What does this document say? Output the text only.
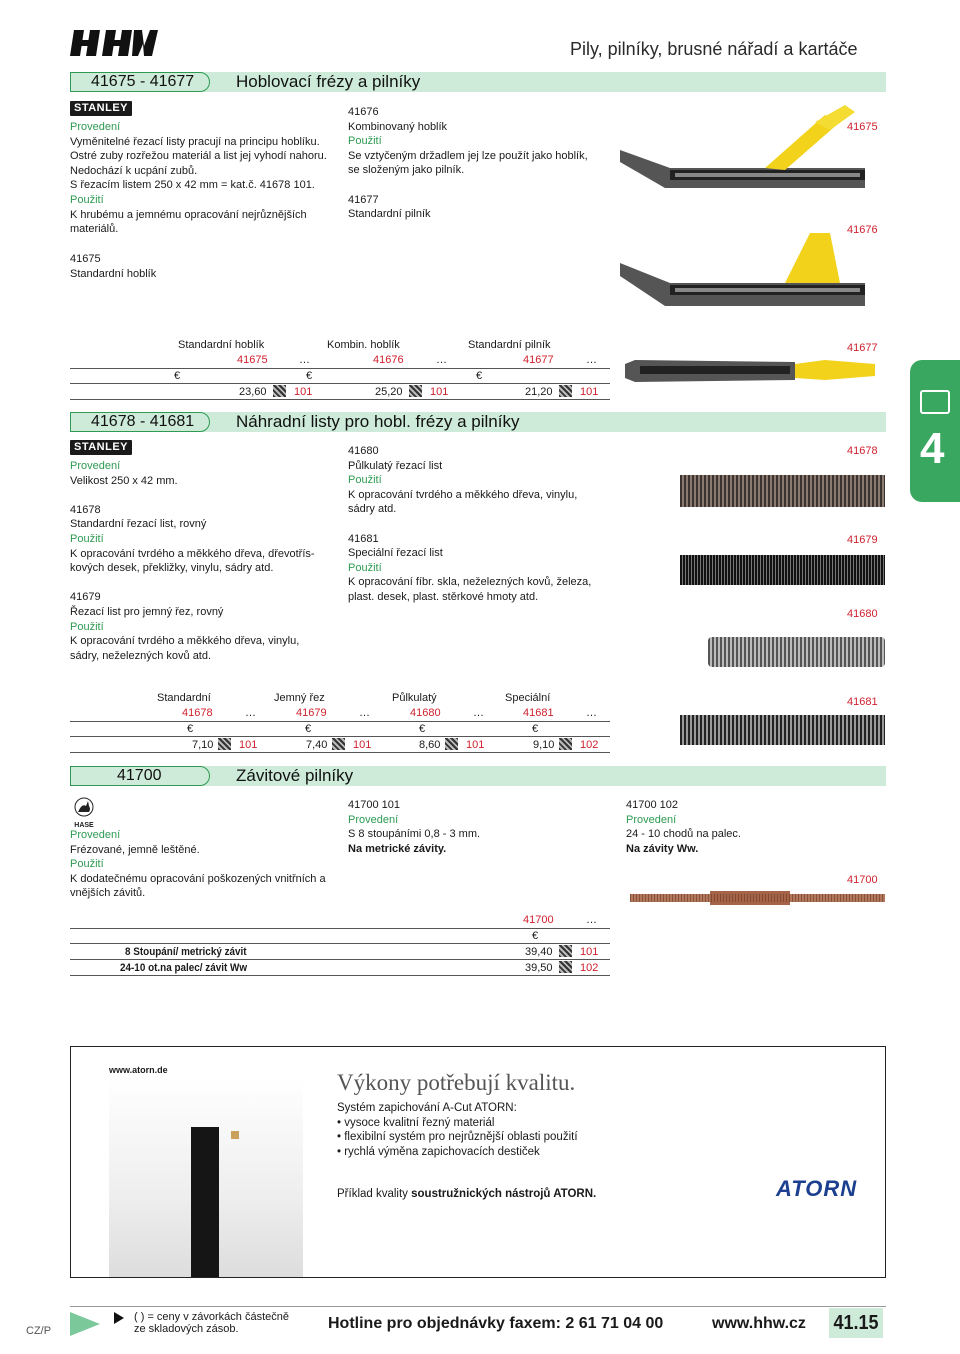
Pily, pilníky, brusné nářadí a kartáče
41675 - 41677	Hoblovací frézy a pilníky
STANLEY
Provedení
Vyměnitelné řezací listy pracují na principu hoblíku.
Ostré zuby rozřežou materiál a list jej vyhodí nahoru.
Nedochází k ucpání zubů.
S řezacím listem 250 x 42 mm = kat.č. 41678 101.
Použití
K hrubému a jemnému opracování nejrůznějších
materiálů.
41675
Standardní hoblík
41676
Kombinovaný hoblík
Použití
Se vztyčeným držadlem jej lze použít jako hoblík,
se složeným jako pilník.
41677
Standardní pilník
41675
41676
41677
Standardní hoblík	Kombin. hoblík	Standardní pilník
41675	…	41676	…	41677	…
€	€	€
23,60 101	25,20 101	21,20 101
41678 - 41681	Náhradní listy pro hobl. frézy a pilníky
STANLEY
Provedení
Velikost 250 x 42 mm.
41678
Standardní řezací list, rovný
Použití
K opracování tvrdého a měkkého dřeva, dřevotřís-
kových desek, překližky, vinylu, sádry atd.
41679
Řezací list pro jemný řez, rovný
Použití
K opracování tvrdého a měkkého dřeva, vinylu,
sádry, neželezných kovů atd.
41680
Půlkulatý řezací list
Použití
K opracování tvrdého a měkkého dřeva, vinylu,
sádry atd.
41681
Speciální řezací list
Použití
K opracování fíbr. skla, neželezných kovů, železa,
plast. desek, plast. stěrkové hmoty atd.
41678
41679
41680
41681
Standardní	Jemný řez	Půlkulatý	Speciální
41678	…	41679	…	41680	…	41681	…
€	€	€	€
7,10 101	7,40 101	8,60 101	9,10 102
41700	Závitové pilníky
HASE
Provedení
Frézované, jemně leštěné.
Použití
K dodatečnému opracování poškozených vnitřních a
vnějších závitů.
41700 101
Provedení
S 8 stoupáními 0,8 - 3 mm.
Na metrické závity.
41700 102
Provedení
24 - 10 chodů na palec.
Na závity Ww.
41700
41700	…
€
8 Stoupání/ metrický závit	39,40 101
24-10 ot.na palec/ závit Ww	39,50 102
4
www.atorn.de	Výkony potřebují kvalitu.
Systém zapichování A-Cut ATORN:
• vysoce kvalitní řezný materiál
• flexibilní systém pro nejrůznější oblasti použití
• rychlá výměna zapichovacích destiček
Příklad kvality soustružnických nástrojů ATORN.	ATORN
CZ/P
( ) = ceny v závorkách částečně
ze skladových zásob.	Hotline pro objednávky faxem: 2 61 71 04 00	www.hhw.cz 41.15
